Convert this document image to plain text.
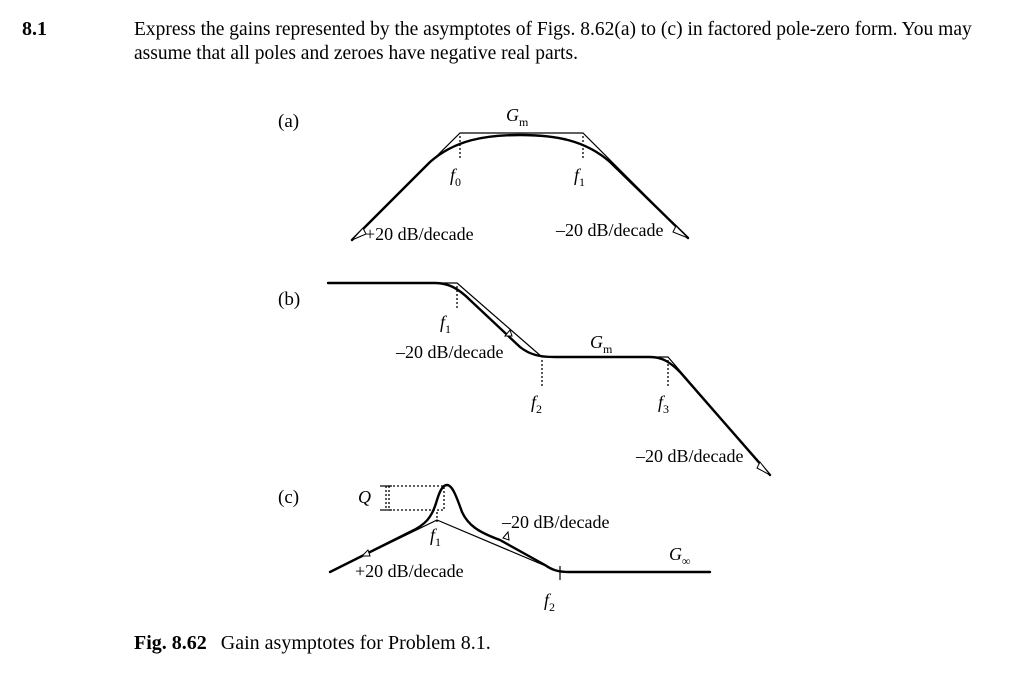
8.1	Express the gains represented by the asymptotes of Figs. 8.62(a) to (c) in factored pole-zero form. You may assume that all poles and zeroes have negative real parts.
(a)	$G_m$
$f_0$	$f_1$
+20 dB/decade	–20 dB/decade
(b)
$f_1$
–20 dB/decade	$G_m$
$f_2$	$f_3$
–20 dB/decade
(c)	Q
$f_1$
–20 dB/decade
$G_\infty$
+20 dB/decade
$f_2$
Fig. 8.62 Gain asymptotes for Problem 8.1.
